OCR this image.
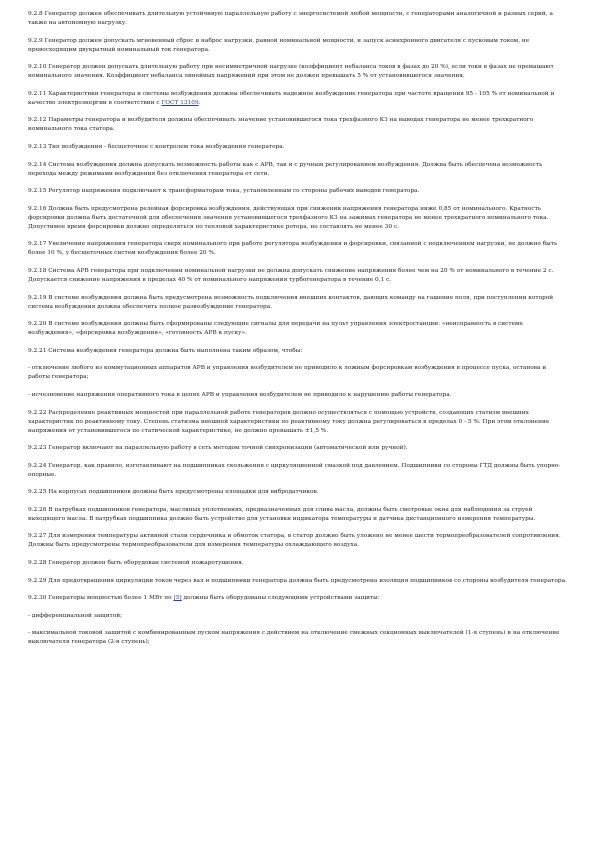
9.2.8 Генератор должен обеспечивать длительную устойчивую параллельную работу с энергосистемой любой мощности, с генераторами аналогичной и разных серий, а также на автономную нагрузку.

9.2.9 Генератор должен допускать мгновенный сброс и наброс нагрузки, равной номинальной мощности, и запуск асинхронного двигателя с пусковым током, не превосходящим двукратный номинальный ток генератора.

9.2.10 Генератор должен допускать длительную работу при несимметричной нагрузке (коэффициент небаланса токов в фазах до 20 %), если токи в фазах не превышают номинального значения. Коэффициент небаланса линейных напряжений при этом не должен превышать 5 % от установившегося значения.

9.2.11 Характеристики генератора и системы возбуждения должны обеспечивать надежное возбуждение генератора при частоте вращения 95 - 105 % от номинальной и качество электроэнергии в соответствии с ГОСТ 13109.

9.2.12 Параметры генератора и возбудителя должны обеспечивать значение установившегося тока трехфазного КЗ на выводах генератора не менее трехкратного номинального тока статора.

9.2.13 Тип возбуждения - бесщеточное с контролем тока возбуждения генератора.

9.2.14 Система возбуждения должна допускать возможность работы как с АРВ, так и с ручным регулированием возбуждения. Должна быть обеспечена возможность перехода между режимами возбуждения без отключения генератора от сети.

9.2.15 Регулятор напряжения подключают к трансформаторам тока, установленным со стороны рабочих выводов генератора.

9.2.16 Должна быть предусмотрена релейная форсировка возбуждения, действующая при снижении напряжения генератора ниже 0,85 от номинального. Кратность форсировки должна быть достаточной для обеспечения значения установившегося трехфазного КЗ на зажимах генератора не менее трехкратного номинального тока. Допустимое время форсировки должно определяться по тепловой характеристике ротора, но составлять не менее 30 с.

9.2.17 Увеличение напряжения генератора сверх номинального при работе регулятора возбуждения и форсировки, связанной с подключением нагрузки, не должно быть более 10 %, у бесщеточных систем возбуждения более 20 %.

9.2.18 Система АРВ генератора при подключении номинальной нагрузки не должна допускать снижение напряжения более чем на 20 % от номинального в течение 2 с. Допускается снижение напряжения в пределах 40 % от номинального напряжения турбогенератора в течение 0,1 с.

9.2.19 В системе возбуждения должна быть предусмотрена возможность подключения внешних контактов, дающих команду на гашение поля, при поступлении которой система возбуждения должна обеспечить полное развозбуждение генератора.

9.2.20 В системе возбуждения должны быть сформированы следующие сигналы для передачи на пульт управления электростанции: «неисправность в системе возбуждения», «форсировка возбуждения», «готовность АРВ к пуску».

9.2.21 Система возбуждения генератора должна быть выполнена таким образом, чтобы:

- отключение любого из коммутационных аппаратов АРВ и управления возбудителем не приводило к ложным форсировкам возбуждения в процессе пуска, останова и работы генератора;

- исчезновение напряжения оперативного тока в цепях АРВ и управления возбудителем не приводило к нарушению работы генератора.

9.2.22 Распределение реактивных мощностей при параллельной работе генераторов должно осуществляться с помощью устройств, создающих статизм внешних характеристик по реактивному току. Степень статизма внешней характеристики по реактивному току должна регулироваться в пределах 0 - 5 %. При этом отклонение напряжения от установившегося по статической характеристике, не должно превышать ±1,5 %.

9.2.23 Генератор включают на параллельную работу в сеть методом точной синхронизации (автоматической или ручной).

9.2.24 Генератор, как правило, изготавливают на подшипниках скольжения с циркуляционной смазкой под давлением. Подшипники со стороны ГТД должны быть упорно-опорные.

9.2.25 На корпусах подшипников должны быть предусмотрены площадки для вибродатчиков.

9.2.26 В патрубках подшипников генератора, масляных уплотнениях, предназначенных для слива масла, должны быть смотровые окна для наблюдения за струей выходящего масла. В патрубках подшипника должно быть устройство для установки индикатора температуры и датчика дистанционного измерения температуры.

9.2.27 Для измерения температуры активной стали сердечника и обмоток статора, в статор должно быть уложено не менее шести термопреобразователей сопротивления. Должны быть предусмотрены термопреобразователи для измерения температуры охлаждающего воздуха.

9.2.28 Генератор должен быть оборудован системой пожаротушения.

9.2.29 Для предотвращения циркуляции токов через вал и подшипники генератора должна быть предусмотрена изоляция подшипников со стороны возбудителя генератора.

9.2.30 Генераторы мощностью более 1 МВт по [5] должны быть оборудованы следующими устройствами защиты:

- дифференциальной защитой;

- максимальной токовой защитой с комбинированным пуском напряжения с действием на отключение смежных секционных выключателей (1-я ступень) и на отключение выключателя генератора (2-я ступень);
